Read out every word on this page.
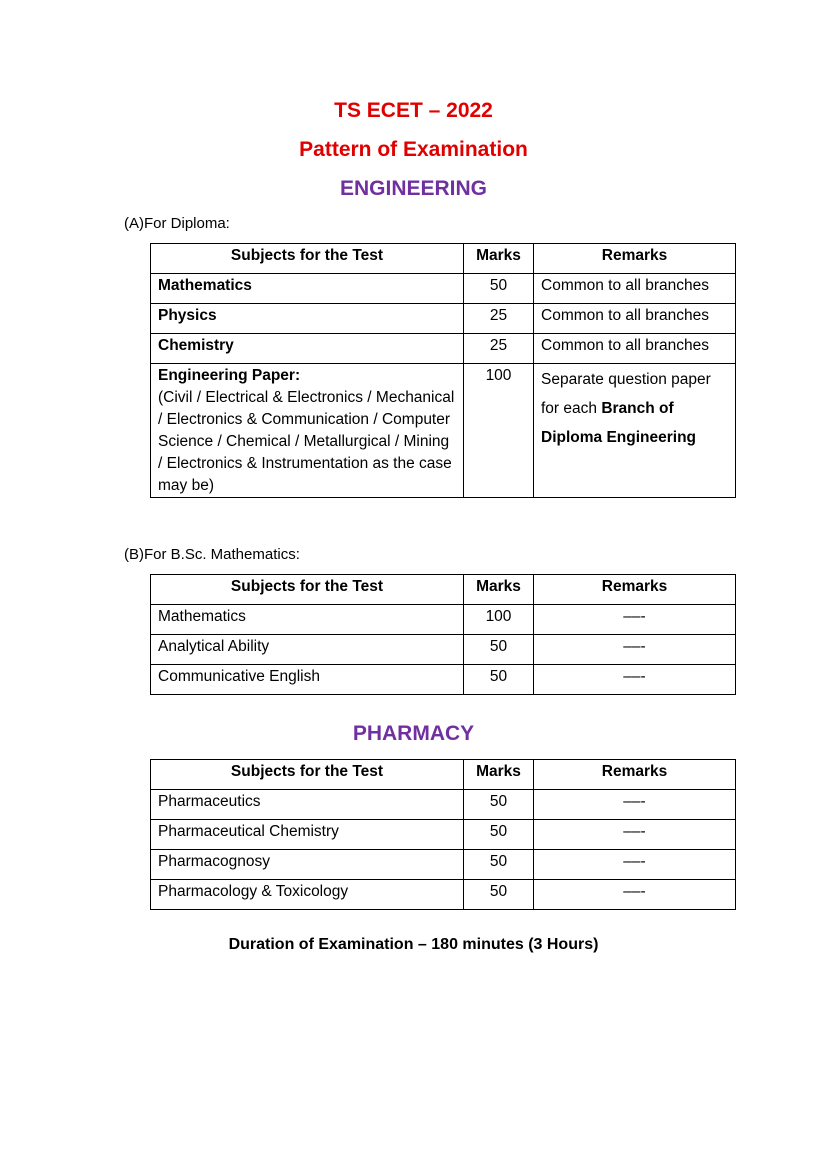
TS ECET – 2022
Pattern of Examination
ENGINEERING
(A)For Diploma:
Subjects for the Test	Marks	Remarks
Mathematics	50	Common to all branches
Physics	25	Common to all branches
Chemistry	25	Common to all branches

Engineering Paper:
(Civil / Electrical & Electronics / Mechanical / Electronics & Communication / Computer Science / Chemical / Metallurgical / Mining / Electronics & Instrumentation as the case may be)	100	Separate question paper for each Branch of Diploma Engineering
(B)For B.Sc. Mathematics:
Subjects for the Test	Marks	Remarks
Mathematics	100	––-
Analytical Ability	50	––-
Communicative English	50	––-
PHARMACY
Subjects for the Test	Marks	Remarks
Pharmaceutics	50	––-
Pharmaceutical Chemistry	50	––-
Pharmacognosy	50	––-
Pharmacology & Toxicology	50	––-
Duration of Examination – 180 minutes (3 Hours)
